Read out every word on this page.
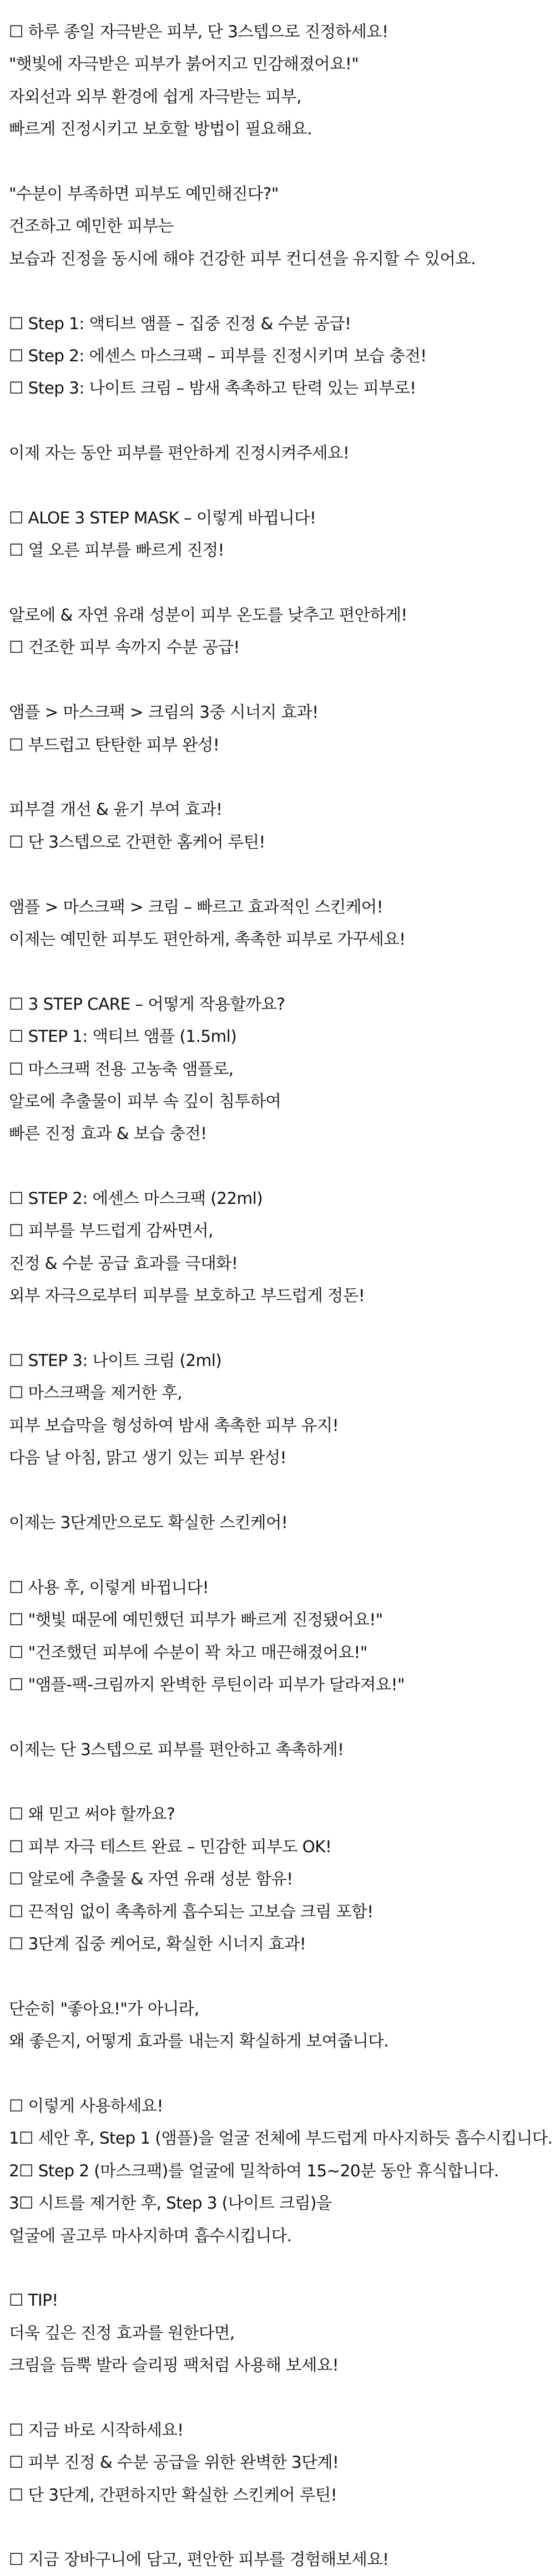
☐ 하루 종일 자극받은 피부, 단 3스텝으로 진정하세요!
"햇빛에 자극받은 피부가 붉어지고 민감해졌어요!"
자외선과 외부 환경에 쉽게 자극받는 피부,
빠르게 진정시키고 보호할 방법이 필요해요.
"수분이 부족하면 피부도 예민해진다?"
건조하고 예민한 피부는
보습과 진정을 동시에 해야 건강한 피부 컨디션을 유지할 수 있어요.
☐ Step 1: 액티브 앰플 – 집중 진정 & 수분 공급!
☐ Step 2: 에센스 마스크팩 – 피부를 진정시키며 보습 충전!
☐ Step 3: 나이트 크림 – 밤새 촉촉하고 탄력 있는 피부로!
이제 자는 동안 피부를 편안하게 진정시켜주세요!
☐ ALOE 3 STEP MASK – 이렇게 바뀝니다!
☐ 열 오른 피부를 빠르게 진정!
알로에 & 자연 유래 성분이 피부 온도를 낮추고 편안하게!
☐ 건조한 피부 속까지 수분 공급!
앰플 > 마스크팩 > 크림의 3중 시너지 효과!
☐ 부드럽고 탄탄한 피부 완성!
피부결 개선 & 윤기 부여 효과!
☐ 단 3스텝으로 간편한 홈케어 루틴!
앰플 > 마스크팩 > 크림 – 빠르고 효과적인 스킨케어!
이제는 예민한 피부도 편안하게, 촉촉한 피부로 가꾸세요!
☐ 3 STEP CARE – 어떻게 작용할까요?
☐ STEP 1: 액티브 앰플 (1.5ml)
☐ 마스크팩 전용 고농축 앰플로,
알로에 추출물이 피부 속 깊이 침투하여
빠른 진정 효과 & 보습 충전!
☐ STEP 2: 에센스 마스크팩 (22ml)
☐ 피부를 부드럽게 감싸면서,
진정 & 수분 공급 효과를 극대화!
외부 자극으로부터 피부를 보호하고 부드럽게 정돈!
☐ STEP 3: 나이트 크림 (2ml)
☐ 마스크팩을 제거한 후,
피부 보습막을 형성하여 밤새 촉촉한 피부 유지!
다음 날 아침, 맑고 생기 있는 피부 완성!
이제는 3단계만으로도 확실한 스킨케어!
☐ 사용 후, 이렇게 바뀝니다!
☐ "햇빛 때문에 예민했던 피부가 빠르게 진정됐어요!"
☐ "건조했던 피부에 수분이 꽉 차고 매끈해졌어요!"
☐ "앰플-팩-크림까지 완벽한 루틴이라 피부가 달라져요!"
이제는 단 3스텝으로 피부를 편안하고 촉촉하게!
☐ 왜 믿고 써야 할까요?
☐ 피부 자극 테스트 완료 – 민감한 피부도 OK!
☐ 알로에 추출물 & 자연 유래 성분 함유!
☐ 끈적임 없이 촉촉하게 흡수되는 고보습 크림 포함!
☐ 3단계 집중 케어로, 확실한 시너지 효과!
단순히 "좋아요!"가 아니라,
왜 좋은지, 어떻게 효과를 내는지 확실하게 보여줍니다.
☐ 이렇게 사용하세요!
1☐ 세안 후, Step 1 (앰플)을 얼굴 전체에 부드럽게 마사지하듯 흡수시킵니다.
2☐ Step 2 (마스크팩)를 얼굴에 밀착하여 15~20분 동안 휴식합니다.
3☐ 시트를 제거한 후, Step 3 (나이트 크림)을
얼굴에 골고루 마사지하며 흡수시킵니다.
☐ TIP!
더욱 깊은 진정 효과를 원한다면,
크림을 듬뿍 발라 슬리핑 팩처럼 사용해 보세요!
☐ 지금 바로 시작하세요!
☐ 피부 진정 & 수분 공급을 위한 완벽한 3단계!
☐ 단 3단계, 간편하지만 확실한 스킨케어 루틴!
☐ 지금 장바구니에 담고, 편안한 피부를 경험해보세요!
